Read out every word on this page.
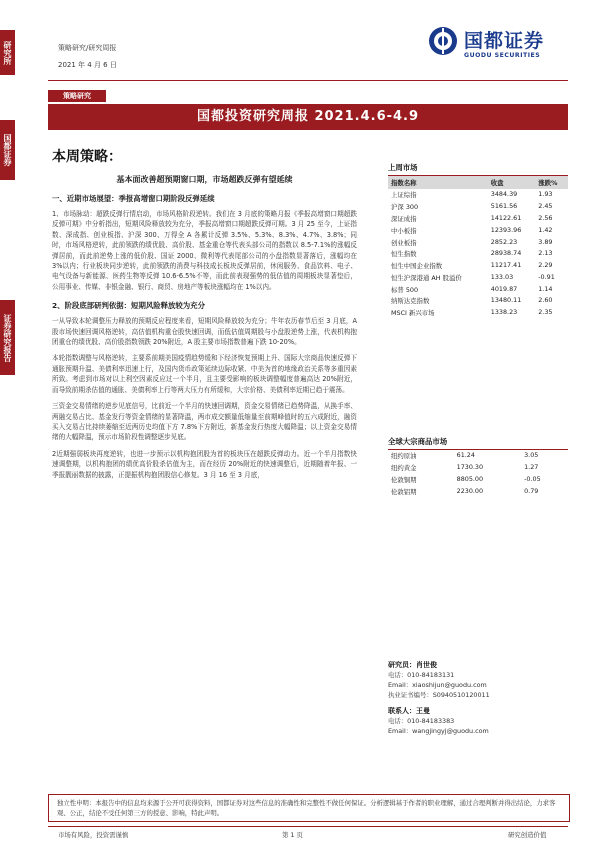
研究所
国都证券
证券研究报告
策略研究/研究周报
2021 年 4 月 6 日
国都证券
GUODU SECURITIES
策略研究
国都投资研究周报 2021.4.6-4.9
本周策略：
基本面改善超预期窗口期，市场超跌反弹有望延续
一、近期市场展望：季报高增窗口期阶段反弹延续
1、市场脉动：超跌反弹行情启动，市场风格阶段逆转。我们在 3 月底的策略月报《季报高增窗口期超跌反弹可期》中分析指出，短期风险释放较为充分，季报高增窗口期超跌反弹可期。3 月 25 至今，上证指数、深成指、创业板指、沪深 300、万得全 A 各累计反弹 3.5%、5.3%、8.3%、4.7%、3.8%；同时，市场风格逆转，此前领跌的绩优股、高价股、基金重仓等代表头部公司的指数以 8.5-7.1%的涨幅反弹居前，而此前逆势上涨的低价股、国证 2000、微利等代表尾部公司的小盘指数显著落后，涨幅均在 3%以内；行业板块同步逆转，此前领跌的消费与科技成长板块反弹居前，休闲服务、食品饮料、电子、电气设备与新能源、医药生物等反弹 10.6-6.5%不等，而此前表现强势的低估值的周期板块显著垫后，公用事业、传媒、非银金融、银行、商贸、房地产等板块涨幅均在 1%以内。
2、阶段底部研判依据：短期风险释放较为充分
一从导致本轮调整压力释放的预期反应程度来看，短期风险释放较为充分；牛年农历春节后至 3 月底，A 股市场快速回调风格逆转，高估值机构重仓股快速回调，而低估值周期股与小盘股逆势上涨，代表机构抱团重仓的绩优股、高价股指数领跌 20%附近，A 股主要市场指数普遍下跌 10-20%。
本轮指数调整与风格逆转，主要系前期美国疫情趋势缓和下经济恢复预期上升、国际大宗商品快速反弹下通胀预期升温、美债利率迅速上行，及国内货币政策延续边际收紧、中美为首的地缘政治关系等多重因素所致。考虑到市场对以上利空因素反应过一个半月，且主要受影响的板块调整幅度普遍高达 20%附近，而导致前期杀估值的通胀、美债利率上行等两大压力有所缓和，大宗价格、美债利率近期已趋于震荡。
三资金交易情绪的逆步见底信号，比前近一个半月的快速回调期，资金交易情绪已趋势降温，从换手率、两融交易占比、基金发行等资金情绪的显著降温，两市成交额量低缩量至前期峰值时的五六成附近，融资买入交易占比持续萎缩至近两历史均值下方 7.8%下方附近，新基金发行热度大幅降温；以上资金交易情绪的大幅降温，预示市场阶段性调整逐步见底。
2近期强弱板块再度逆转，也进一步预示以机构抱团股为首的板块压在超跌反弹动力。近一个半月指数快速调整期，以机构抱团的绩优高价股杀估值为主，而在经历 20%附近的快速调整后，近期随着年报、一季报靓丽数据的披露，正提振机构抱团股信心修复。3 月 16 至 3 月底，
上周市场
指数名称	收盘	涨跌%
上证综指	3484.39	1.93
沪深 300	5161.56	2.45
深证成指	14122.61	2.56
中小板指	12393.96	1.42
创业板指	2852.23	3.89
恒生指数	28938.74	2.13
恒生中国企业指数	11217.41	2.29
恒生沪深港通 AH 股溢价	133.03	-0.91
标普 500	4019.87	1.14
纳斯达克指数	13480.11	2.60
MSCI 新兴市场	1338.23	2.35
全球大宗商品市场
纽约原油	61.24	3.05
纽约黄金	1730.30	1.27
伦敦铜期	8805.00	-0.05
伦敦铝期	2230.00	0.79
研究员：肖世俊
电话：010-84183131
Email：xiaoshijun@guodu.com
执业证书编号：S0940510120011
联系人：王曼
电话：010-84183383
Email：wangjingyj@guodu.com
独立性申明：本报告中的信息均来源于公开可获得资料，国都证券对这些信息的准确性和完整性不做任何保证。分析逻辑基于作者的职业理解，通过合理判断并得出结论，力求客观、公正，结论不受任何第三方的授意、影响，特此声明。
市场有风险，投资需谨慎	第 1 页	研究创造价值
